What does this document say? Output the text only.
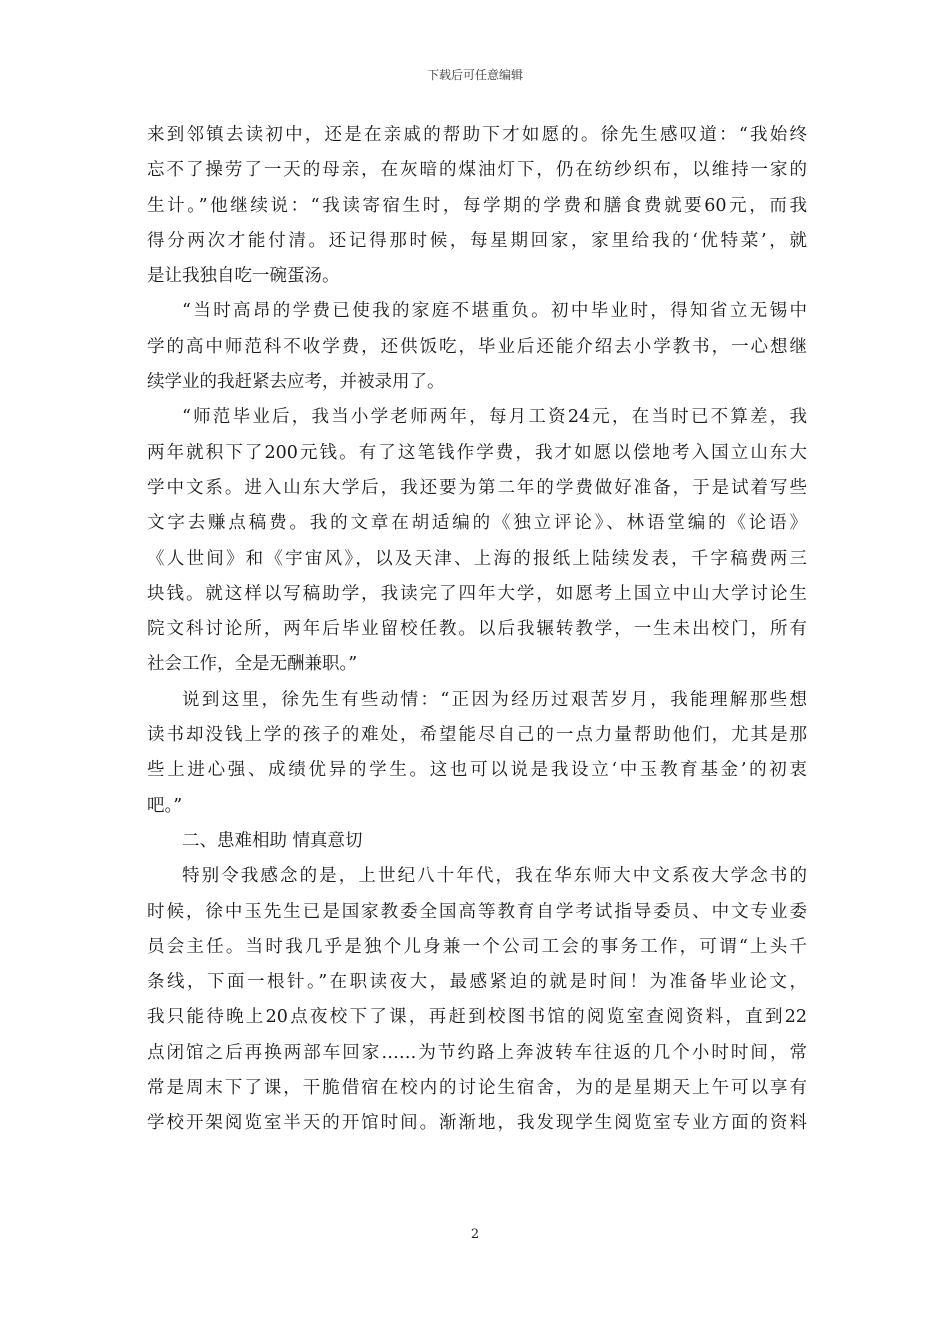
下载后可任意编辑
来到邻镇去读初中，还是在亲戚的帮助下才如愿的。徐先生感叹道：“我始终
忘不了操劳了一天的母亲，在灰暗的煤油灯下，仍在纺纱织布，以维持一家的
生计。”他继续说：“我读寄宿生时，每学期的学费和膳食费就要60元，而我
得分两次才能付清。还记得那时候，每星期回家，家里给我的‘优特菜’，就
是让我独自吃一碗蛋汤。
“当时高昂的学费已使我的家庭不堪重负。初中毕业时，得知省立无锡中
学的高中师范科不收学费，还供饭吃，毕业后还能介绍去小学教书，一心想继
续学业的我赶紧去应考，并被录用了。
“师范毕业后，我当小学老师两年，每月工资24元，在当时已不算差，我
两年就积下了200元钱。有了这笔钱作学费，我才如愿以偿地考入国立山东大
学中文系。进入山东大学后，我还要为第二年的学费做好准备，于是试着写些
文字去赚点稿费。我的文章在胡适编的《独立评论》、林语堂编的《论语》
《人世间》和《宇宙风》，以及天津、上海的报纸上陆续发表，千字稿费两三
块钱。就这样以写稿助学，我读完了四年大学，如愿考上国立中山大学讨论生
院文科讨论所，两年后毕业留校任教。以后我辗转教学，一生未出校门，所有
社会工作，全是无酬兼职。”
说到这里，徐先生有些动情：“正因为经历过艰苦岁月，我能理解那些想
读书却没钱上学的孩子的难处，希望能尽自己的一点力量帮助他们，尤其是那
些上进心强、成绩优异的学生。这也可以说是我设立‘中玉教育基金’的初衷
吧。”
二、患难相助 情真意切
特别令我感念的是，上世纪八十年代，我在华东师大中文系夜大学念书的
时候，徐中玉先生已是国家教委全国高等教育自学考试指导委员、中文专业委
员会主任。当时我几乎是独个儿身兼一个公司工会的事务工作，可谓“上头千
条线，下面一根针。”在职读夜大，最感紧迫的就是时间！为准备毕业论文，
我只能待晚上20点夜校下了课，再赶到校图书馆的阅览室查阅资料，直到22
点闭馆之后再换两部车回家……为节约路上奔波转车往返的几个小时时间，常
常是周末下了课，干脆借宿在校内的讨论生宿舍，为的是星期天上午可以享有
学校开架阅览室半天的开馆时间。渐渐地，我发现学生阅览室专业方面的资料
2
